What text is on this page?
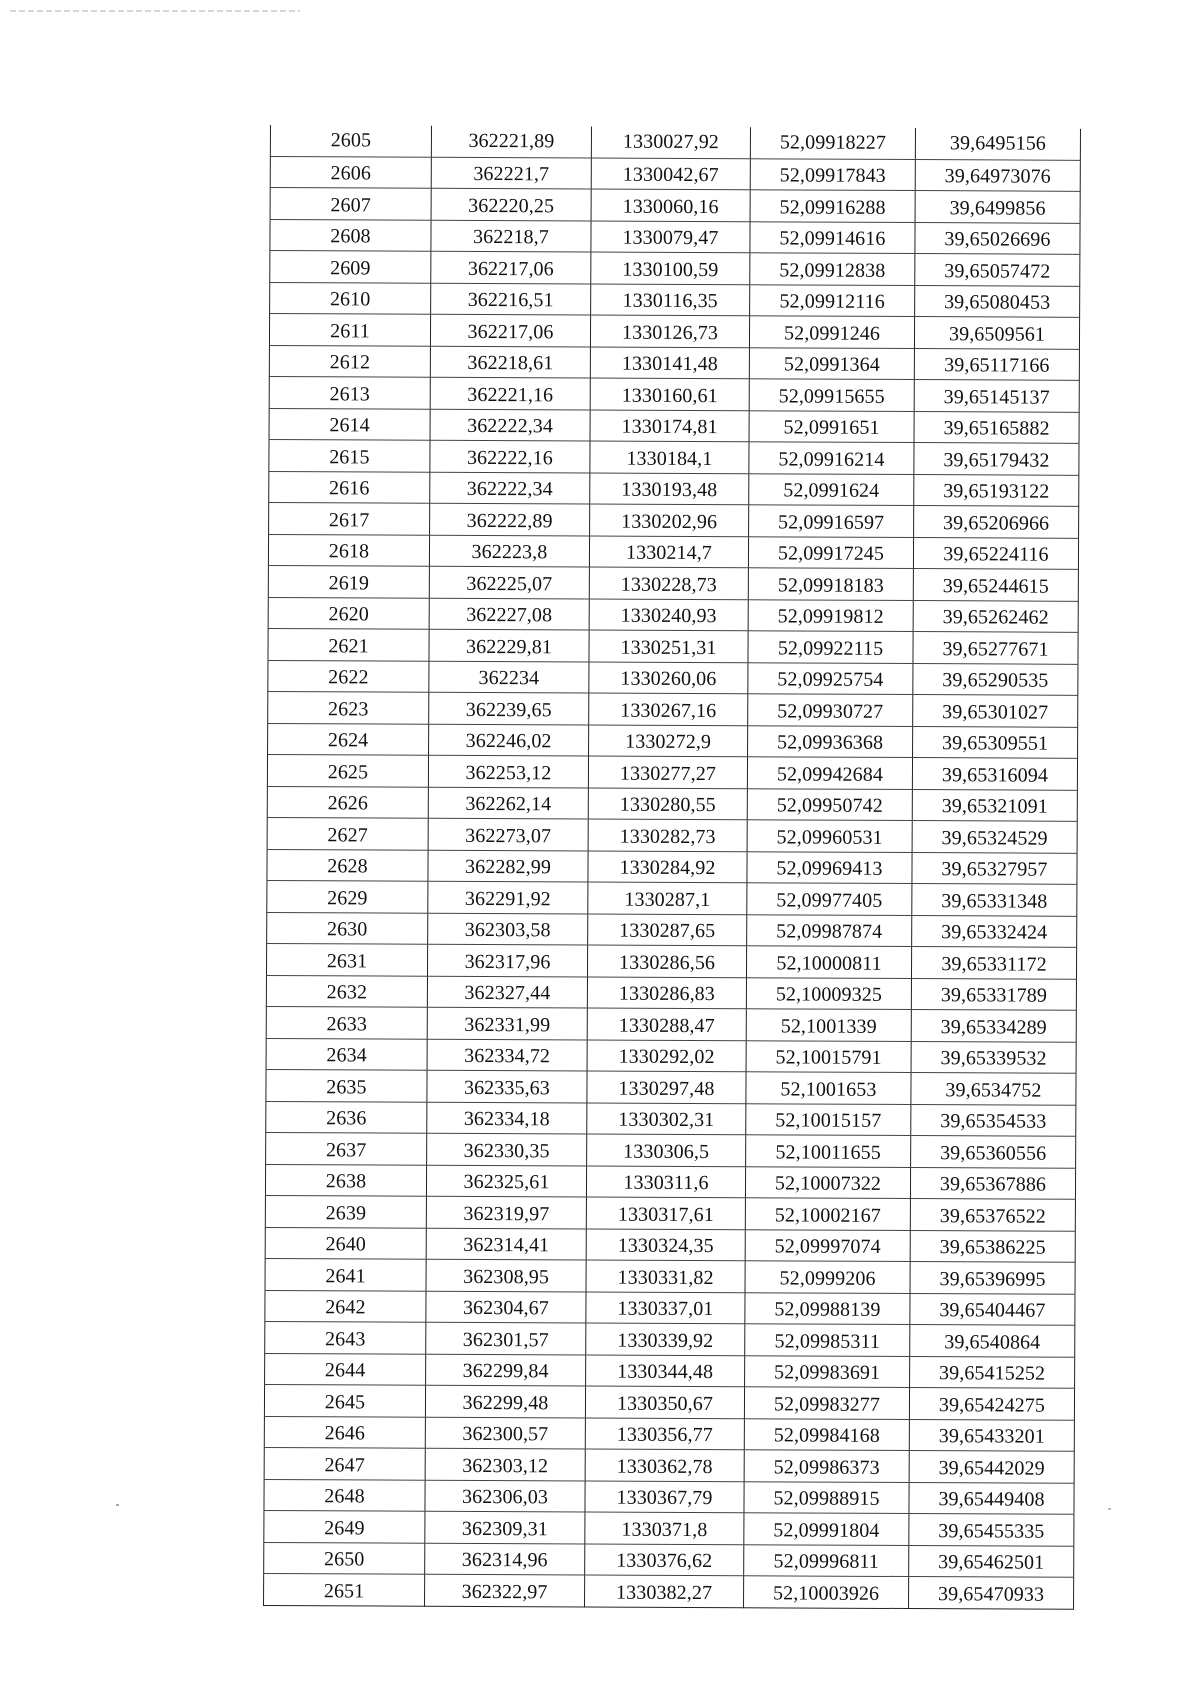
2605	362221,89	1330027,92	52,09918227	39,6495156
2606	362221,7	1330042,67	52,09917843	39,64973076
2607	362220,25	1330060,16	52,09916288	39,6499856
2608	362218,7	1330079,47	52,09914616	39,65026696
2609	362217,06	1330100,59	52,09912838	39,65057472
2610	362216,51	1330116,35	52,09912116	39,65080453
2611	362217,06	1330126,73	52,0991246	39,6509561
2612	362218,61	1330141,48	52,0991364	39,65117166
2613	362221,16	1330160,61	52,09915655	39,65145137
2614	362222,34	1330174,81	52,0991651	39,65165882
2615	362222,16	1330184,1	52,09916214	39,65179432
2616	362222,34	1330193,48	52,0991624	39,65193122
2617	362222,89	1330202,96	52,09916597	39,65206966
2618	362223,8	1330214,7	52,09917245	39,65224116
2619	362225,07	1330228,73	52,09918183	39,65244615
2620	362227,08	1330240,93	52,09919812	39,65262462
2621	362229,81	1330251,31	52,09922115	39,65277671
2622	362234	1330260,06	52,09925754	39,65290535
2623	362239,65	1330267,16	52,09930727	39,65301027
2624	362246,02	1330272,9	52,09936368	39,65309551
2625	362253,12	1330277,27	52,09942684	39,65316094
2626	362262,14	1330280,55	52,09950742	39,65321091
2627	362273,07	1330282,73	52,09960531	39,65324529
2628	362282,99	1330284,92	52,09969413	39,65327957
2629	362291,92	1330287,1	52,09977405	39,65331348
2630	362303,58	1330287,65	52,09987874	39,65332424
2631	362317,96	1330286,56	52,10000811	39,65331172
2632	362327,44	1330286,83	52,10009325	39,65331789
2633	362331,99	1330288,47	52,1001339	39,65334289
2634	362334,72	1330292,02	52,10015791	39,65339532
2635	362335,63	1330297,48	52,1001653	39,6534752
2636	362334,18	1330302,31	52,10015157	39,65354533
2637	362330,35	1330306,5	52,10011655	39,65360556
2638	362325,61	1330311,6	52,10007322	39,65367886
2639	362319,97	1330317,61	52,10002167	39,65376522
2640	362314,41	1330324,35	52,09997074	39,65386225
2641	362308,95	1330331,82	52,0999206	39,65396995
2642	362304,67	1330337,01	52,09988139	39,65404467
2643	362301,57	1330339,92	52,09985311	39,6540864
2644	362299,84	1330344,48	52,09983691	39,65415252
2645	362299,48	1330350,67	52,09983277	39,65424275
2646	362300,57	1330356,77	52,09984168	39,65433201
2647	362303,12	1330362,78	52,09986373	39,65442029
2648	362306,03	1330367,79	52,09988915	39,65449408
2649	362309,31	1330371,8	52,09991804	39,65455335
2650	362314,96	1330376,62	52,09996811	39,65462501
2651	362322,97	1330382,27	52,10003926	39,65470933
